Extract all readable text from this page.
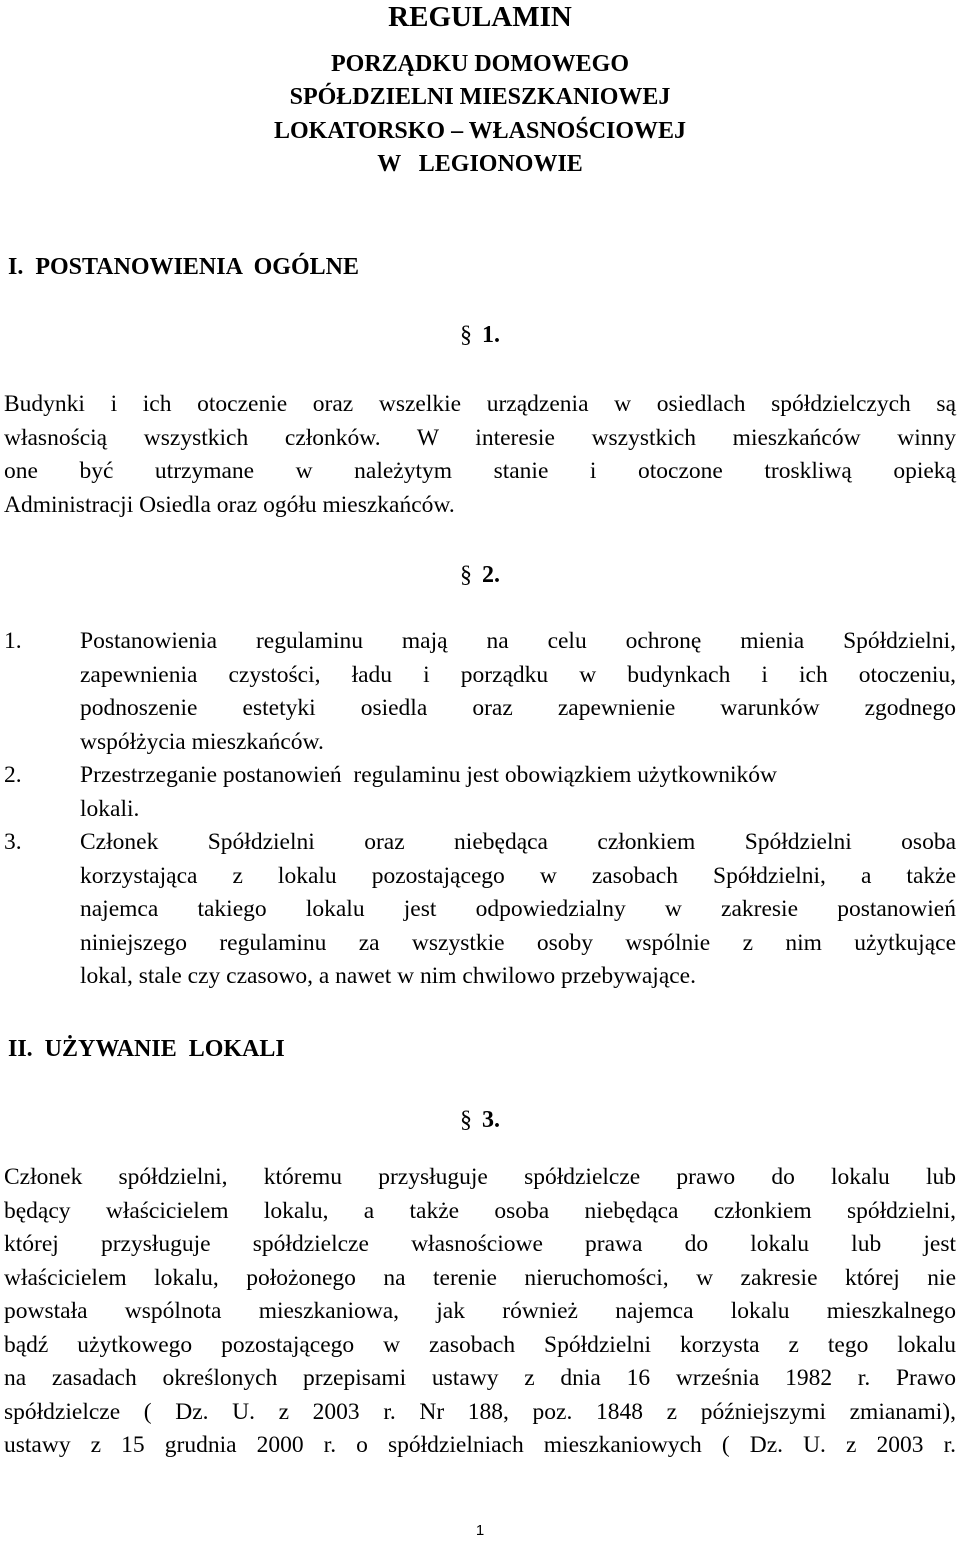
REGULAMIN
PORZĄDKU DOMOWEGO
SPÓŁDZIELNI MIESZKANIOWEJ
LOKATORSKO – WŁASNOŚCIOWEJ
W   LEGIONOWIE
I.  POSTANOWIENIA  OGÓLNE
§ 1.
Budynki i ich otoczenie oraz wszelkie urządzenia w osiedlach spółdzielczych są
własnością wszystkich członków. W interesie wszystkich mieszkańców winny
one być utrzymane w należytym stanie i otoczone troskliwą opieką
Administracji Osiedla oraz ogółu mieszkańców.
§ 2.
1. Postanowienia regulaminu mają na celu ochronę mienia Spółdzielni,
zapewnienia czystości, ładu i porządku w budynkach i ich otoczeniu,
podnoszenie estetyki osiedla oraz zapewnienie warunków zgodnego
współżycia mieszkańców.
2. Przestrzeganie postanowień  regulaminu jest obowiązkiem użytkowników
lokali.
3. Członek Spółdzielni oraz niebędąca członkiem Spółdzielni osoba
korzystająca z lokalu pozostającego w zasobach Spółdzielni, a także
najemca takiego lokalu jest odpowiedzialny w zakresie postanowień
niniejszego regulaminu za wszystkie osoby wspólnie z nim użytkujące
lokal, stale czy czasowo, a nawet w nim chwilowo przebywające.
II.  UŻYWANIE  LOKALI
§ 3.
Członek spółdzielni, któremu przysługuje spółdzielcze prawo do lokalu lub
będący właścicielem lokalu, a także osoba niebędąca członkiem spółdzielni,
której przysługuje spółdzielcze własnościowe prawa do lokalu lub jest
właścicielem lokalu, położonego na terenie nieruchomości, w zakresie której nie
powstała wspólnota mieszkaniowa, jak również najemca lokalu mieszkalnego
bądź użytkowego pozostającego w zasobach Spółdzielni korzysta z tego lokalu
na zasadach określonych przepisami ustawy z dnia 16 września 1982 r. Prawo
spółdzielcze ( Dz. U. z 2003 r. Nr 188, poz. 1848 z późniejszymi zmianami),
ustawy z 15 grudnia 2000 r. o spółdzielniach mieszkaniowych ( Dz. U. z 2003 r.
1
